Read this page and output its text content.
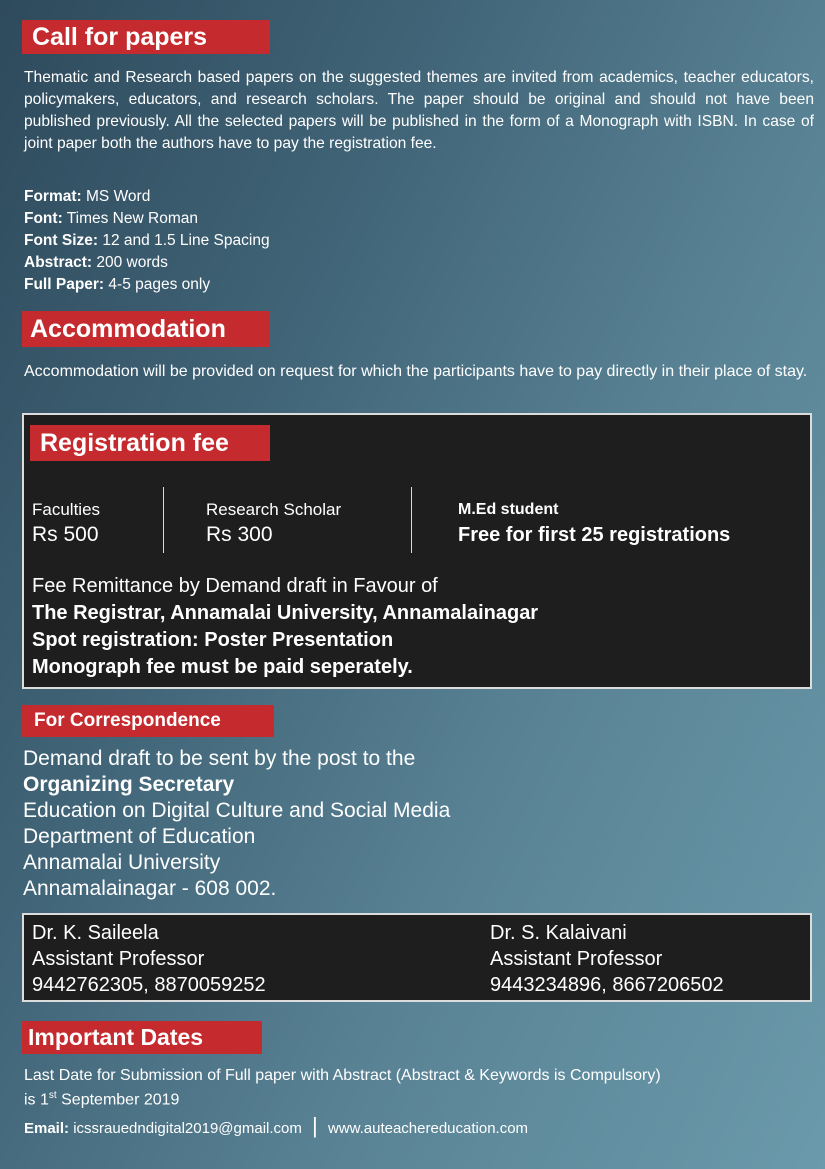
Call for papers

Thematic and Research based papers on the suggested themes are invited from academics, teacher educators, policymakers, educators, and research scholars. The paper should be original and should not have been published previously. All the selected papers will be published in the form of a Monograph with ISBN. In case of joint paper both the authors have to pay the registration fee.

Format: MS Word

Font: Times New Roman

Font Size: 12 and 1.5 Line Spacing

Abstract: 200 words

Full Paper: 4-5 pages only

Accommodation

Accommodation will be provided on request for which the participants have to pay directly in their place of stay.

Registration fee

Faculties

Rs 500

Research Scholar

Rs 300

M.Ed student

Free for first 25 registrations

Fee Remittance by Demand draft in Favour of

The Registrar, Annamalai University, Annamalainagar

Spot registration: Poster Presentation

Monograph fee must be paid seperately.

For Correspondence

Demand draft to be sent by the post to the

Organizing Secretary

Education on Digital Culture and Social Media

Department of Education

Annamalai University

Annamalainagar - 608 002.

Dr. K. Saileela

Assistant Professor

9442762305, 8870059252

Dr. S. Kalaivani

Assistant Professor

9443234896, 8667206502

Important Dates

Last Date for Submission of Full paper with Abstract (Abstract & Keywords is Compulsory)

is 1st September 2019

Email: icssrauedndigital2019@gmail.com | www.auteachereducation.com
